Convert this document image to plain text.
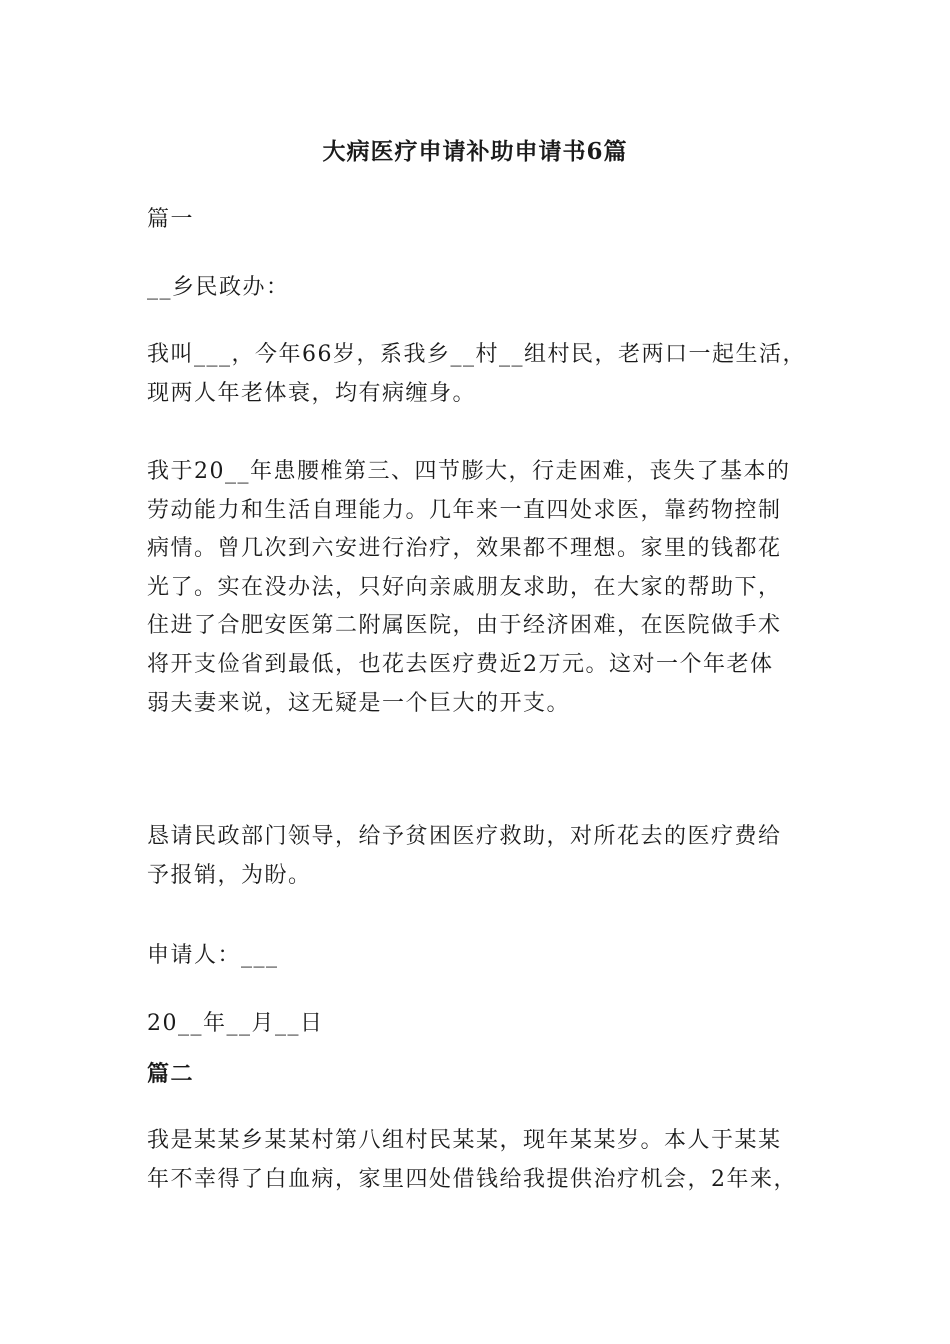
大病医疗申请补助申请书6篇
篇一
__乡民政办：
我叫___，今年66岁，系我乡__村__组村民，老两口一起生活，
现两人年老体衰，均有病缠身。
我于20__年患腰椎第三、四节膨大，行走困难，丧失了基本的
劳动能力和生活自理能力。几年来一直四处求医，靠药物控制
病情。曾几次到六安进行治疗，效果都不理想。家里的钱都花
光了。实在没办法，只好向亲戚朋友求助，在大家的帮助下，
住进了合肥安医第二附属医院，由于经济困难，在医院做手术
将开支俭省到最低，也花去医疗费近2万元。这对一个年老体
弱夫妻来说，这无疑是一个巨大的开支。
恳请民政部门领导，给予贫困医疗救助，对所花去的医疗费给
予报销，为盼。
申请人：___
20__年__月__日
篇二
我是某某乡某某村第八组村民某某，现年某某岁。本人于某某
年不幸得了白血病，家里四处借钱给我提供治疗机会，2年来，
